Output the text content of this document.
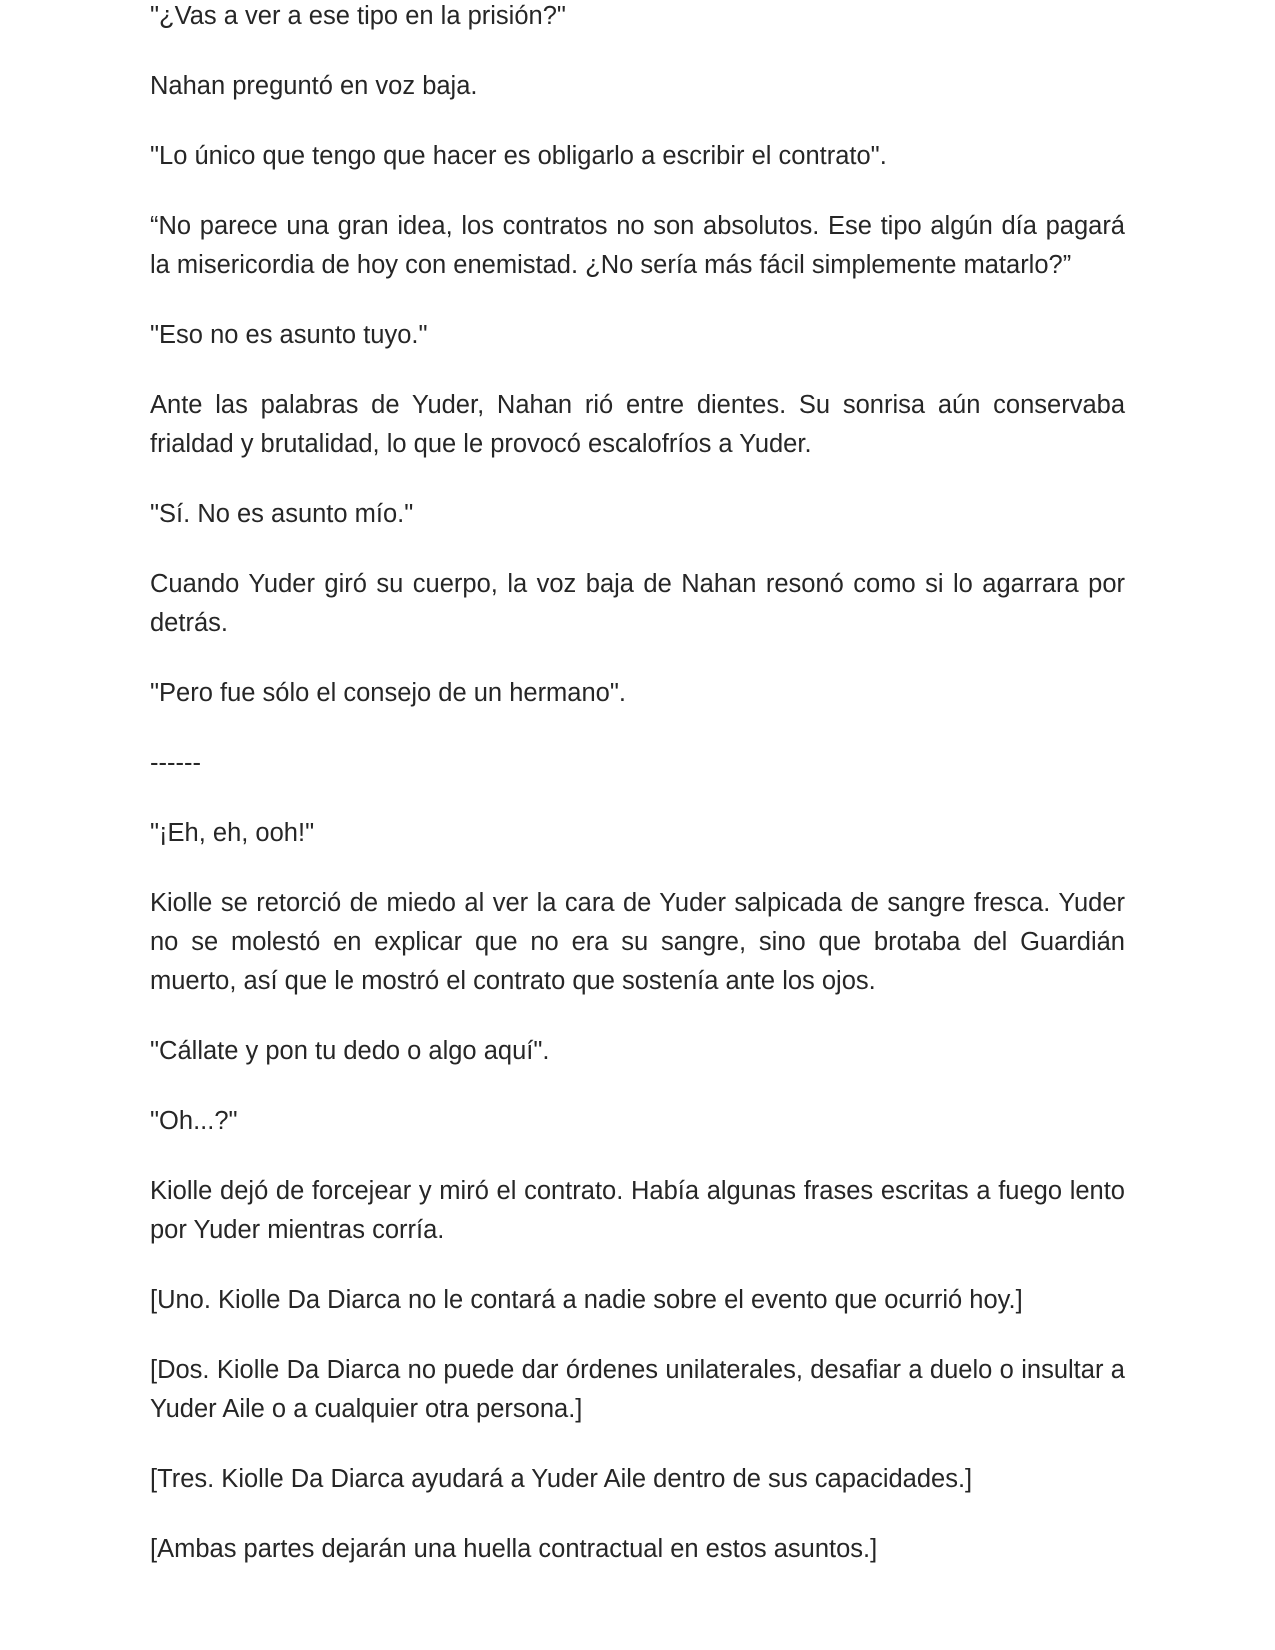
"¿Vas a ver a ese tipo en la prisión?"

Nahan preguntó en voz baja.

"Lo único que tengo que hacer es obligarlo a escribir el contrato".

“No parece una gran idea, los contratos no son absolutos. Ese tipo algún día pagará la misericordia de hoy con enemistad. ¿No sería más fácil simplemente matarlo?”

"Eso no es asunto tuyo."

Ante las palabras de Yuder, Nahan rió entre dientes. Su sonrisa aún conservaba frialdad y brutalidad, lo que le provocó escalofríos a Yuder.

"Sí. No es asunto mío."

Cuando Yuder giró su cuerpo, la voz baja de Nahan resonó como si lo agarrara por detrás.

"Pero fue sólo el consejo de un hermano".

------

"¡Eh, eh, ooh!"

Kiolle se retorció de miedo al ver la cara de Yuder salpicada de sangre fresca. Yuder no se molestó en explicar que no era su sangre, sino que brotaba del Guardián muerto, así que le mostró el contrato que sostenía ante los ojos.

"Cállate y pon tu dedo o algo aquí".

"Oh...?"

Kiolle dejó de forcejear y miró el contrato. Había algunas frases escritas a fuego lento por Yuder mientras corría.

[Uno. Kiolle Da Diarca no le contará a nadie sobre el evento que ocurrió hoy.]

[Dos. Kiolle Da Diarca no puede dar órdenes unilaterales, desafiar a duelo o insultar a Yuder Aile o a cualquier otra persona.]

[Tres. Kiolle Da Diarca ayudará a Yuder Aile dentro de sus capacidades.]

[Ambas partes dejarán una huella contractual en estos asuntos.]
